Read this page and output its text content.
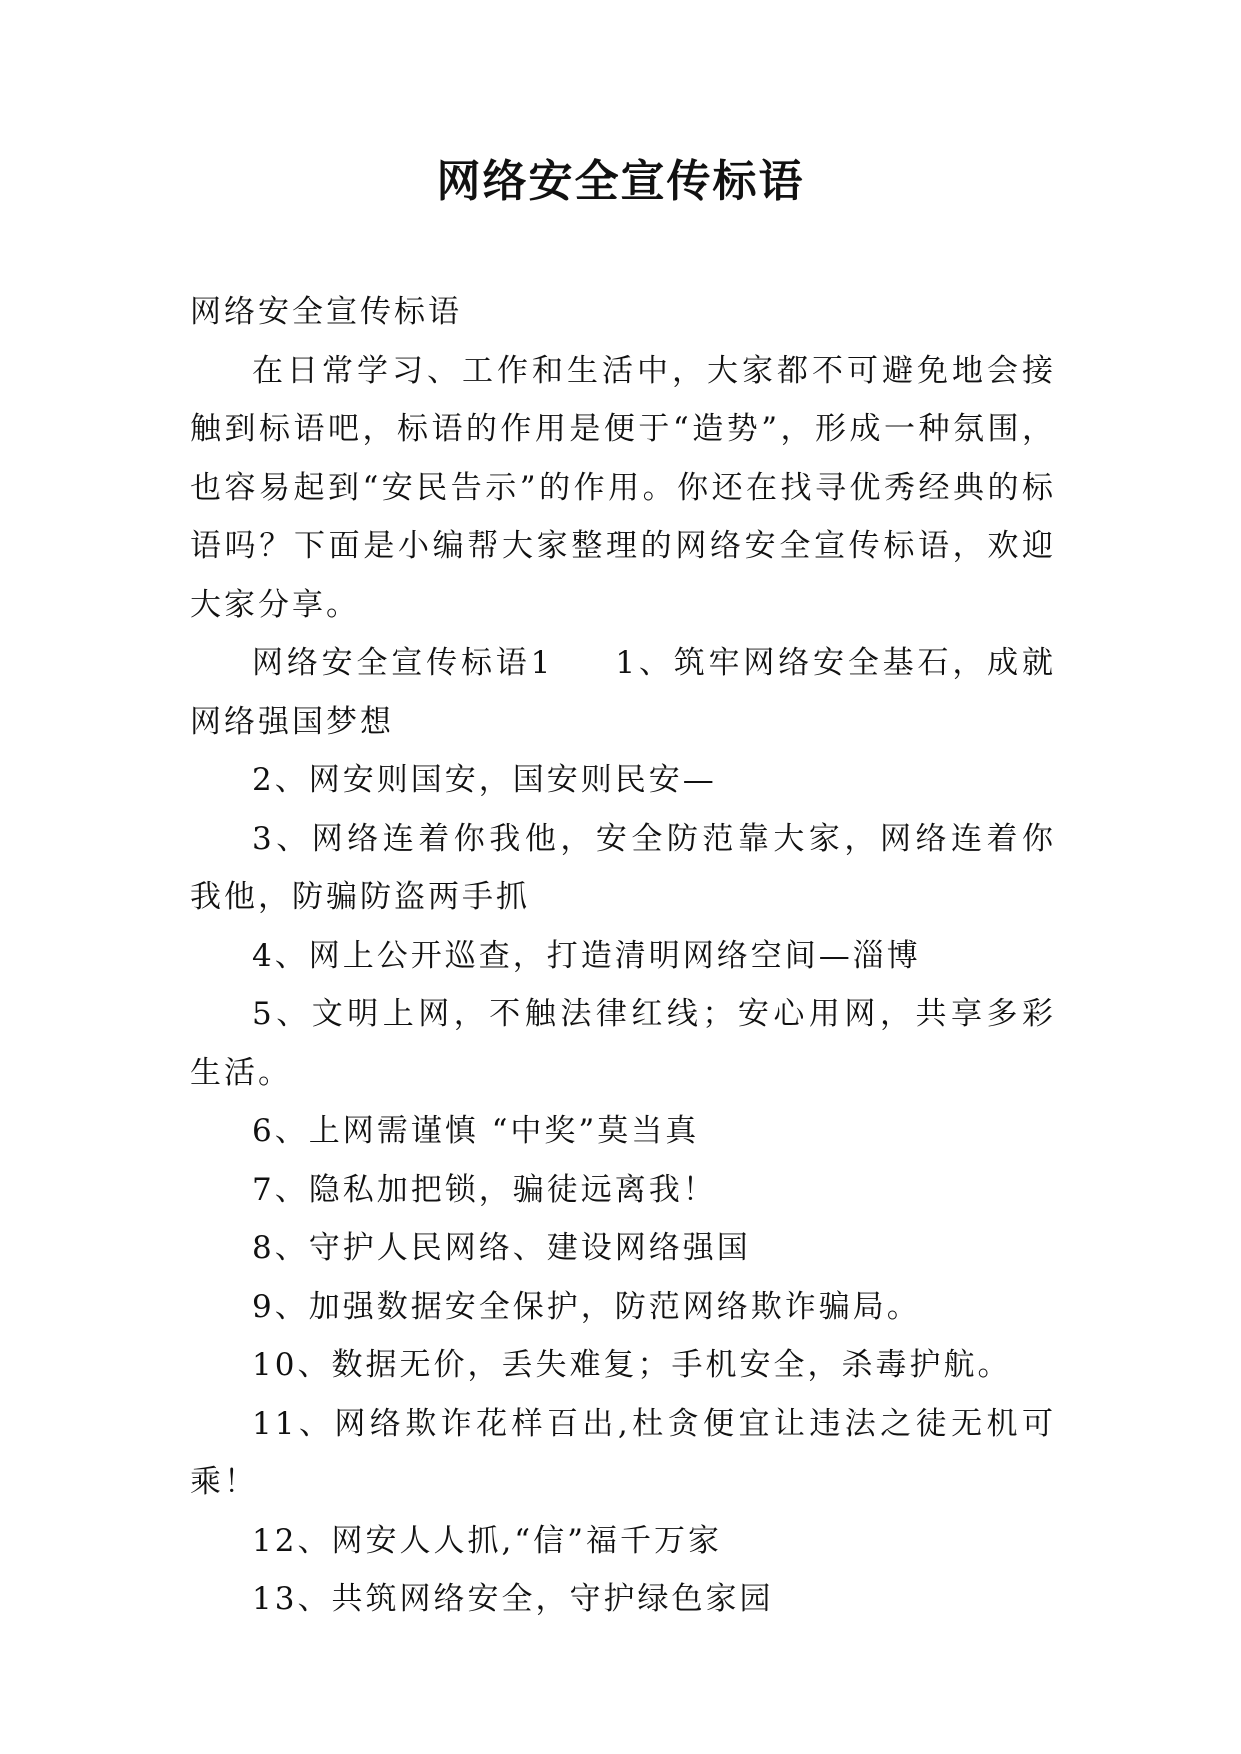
网络安全宣传标语

网络安全宣传标语

在日常学习、工作和生活中，大家都不可避免地会接触到标语吧，标语的作用是便于“造势”，形成一种氛围，也容易起到“安民告示”的作用。你还在找寻优秀经典的标语吗？下面是小编帮大家整理的网络安全宣传标语，欢迎大家分享。

网络安全宣传标语1 1、筑牢网络安全基石，成就网络强国梦想

2、网安则国安，国安则民安—

3、网络连着你我他，安全防范靠大家，网络连着你我他，防骗防盗两手抓

4、网上公开巡查，打造清明网络空间—淄博

5、文明上网，不触法律红线；安心用网，共享多彩生活。

6、上网需谨慎 “中奖”莫当真

7、隐私加把锁，骗徒远离我！

8、守护人民网络、建设网络强国

9、加强数据安全保护，防范网络欺诈骗局。

10、数据无价，丢失难复；手机安全，杀毒护航。

11、网络欺诈花样百出,杜贪便宜让违法之徒无机可乘！

12、网安人人抓,“信”福千万家

13、共筑网络安全，守护绿色家园
